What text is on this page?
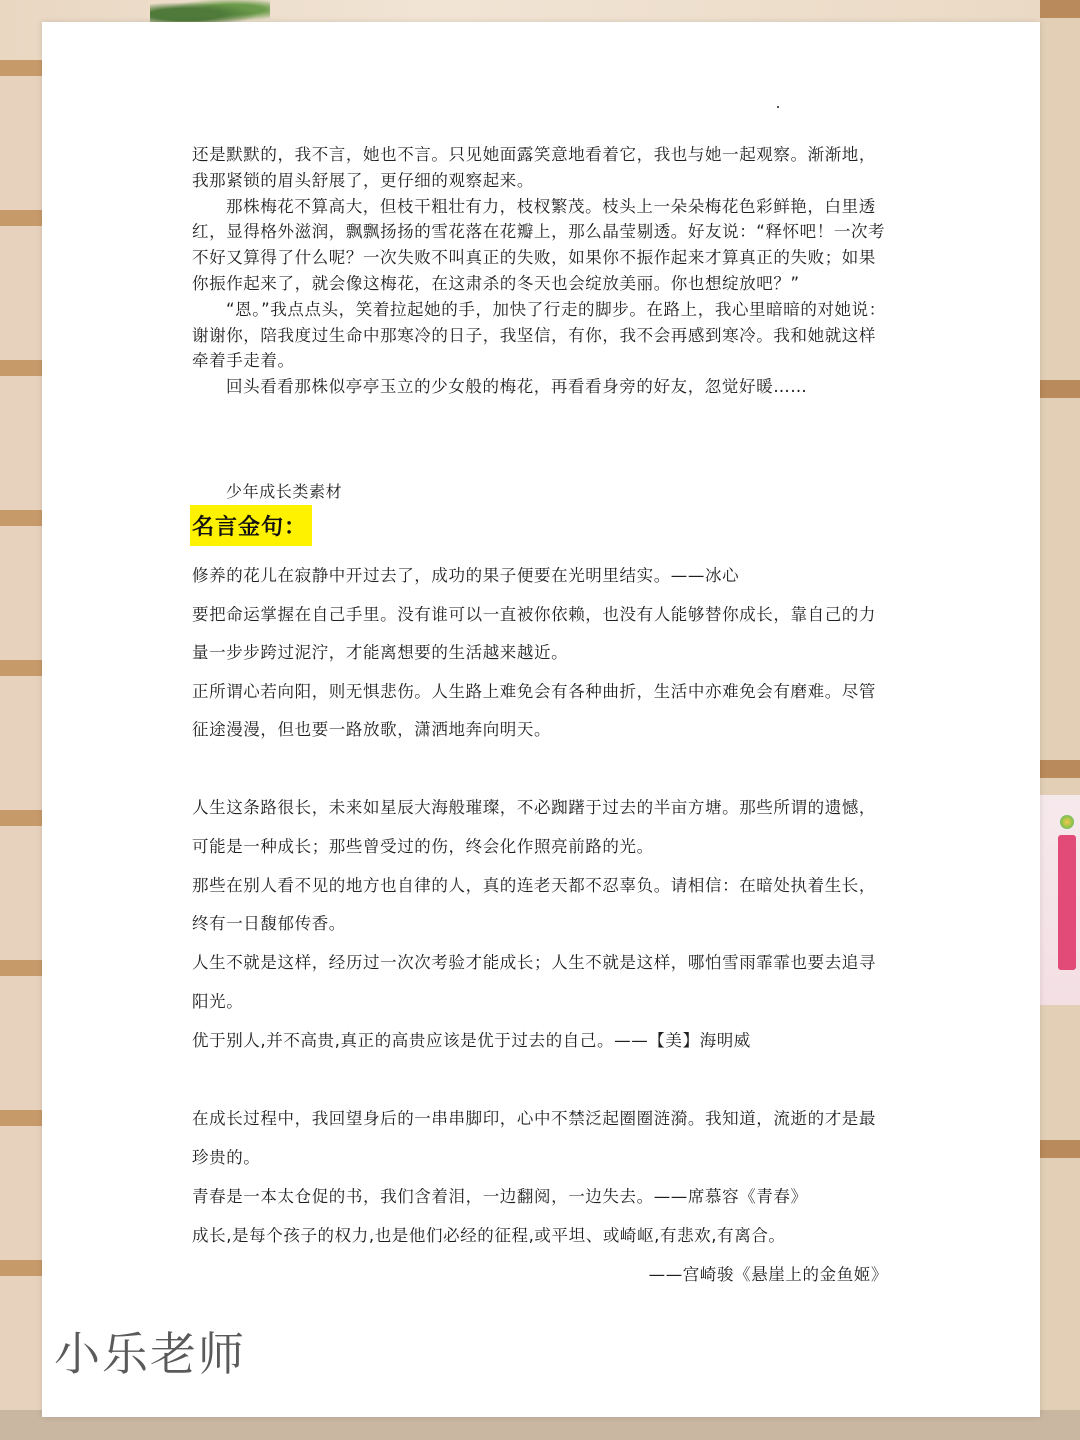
还是默默的，我不言，她也不言。只见她面露笑意地看着它，我也与她一起观察。渐渐地，

我那紧锁的眉头舒展了，更仔细的观察起来。

那株梅花不算高大，但枝干粗壮有力，枝杈繁茂。枝头上一朵朵梅花色彩鲜艳，白里透

红，显得格外滋润，飘飘扬扬的雪花落在花瓣上，那么晶莹剔透。好友说：“释怀吧！一次考

不好又算得了什么呢？一次失败不叫真正的失败，如果你不振作起来才算真正的失败；如果

你振作起来了，就会像这梅花，在这肃杀的冬天也会绽放美丽。你也想绽放吧？”

“恩。”我点点头，笑着拉起她的手，加快了行走的脚步。在路上，我心里暗暗的对她说：

谢谢你，陪我度过生命中那寒冷的日子，我坚信，有你，我不会再感到寒冷。我和她就这样

牵着手走着。

回头看看那株似亭亭玉立的少女般的梅花，再看看身旁的好友，忽觉好暖……

少年成长类素材
名言金句：
修养的花儿在寂静中开过去了，成功的果子便要在光明里结实。——冰心
要把命运掌握在自己手里。没有谁可以一直被你依赖，也没有人能够替你成长，靠自己的力
量一步步跨过泥泞，才能离想要的生活越来越近。
正所谓心若向阳，则无惧悲伤。人生路上难免会有各种曲折，生活中亦难免会有磨难。尽管
征途漫漫，但也要一路放歌，潇洒地奔向明天。
人生这条路很长，未来如星辰大海般璀璨，不必踟躇于过去的半亩方塘。那些所谓的遗憾，
可能是一种成长；那些曾受过的伤，终会化作照亮前路的光。
那些在别人看不见的地方也自律的人，真的连老天都不忍辜负。请相信：在暗处执着生长，
终有一日馥郁传香。
人生不就是这样，经历过一次次考验才能成长；人生不就是这样，哪怕雪雨霏霏也要去追寻
阳光。
优于别人,并不高贵,真正的高贵应该是优于过去的自己。——【美】海明威
在成长过程中，我回望身后的一串串脚印，心中不禁泛起圈圈涟漪。我知道，流逝的才是最
珍贵的。
青春是一本太仓促的书，我们含着泪，一边翻阅，一边失去。——席慕容《青春》
成长,是每个孩子的权力,也是他们必经的征程,或平坦、或崎岖,有悲欢,有离合。
——宫崎骏《悬崖上的金鱼姬》
小乐老师
